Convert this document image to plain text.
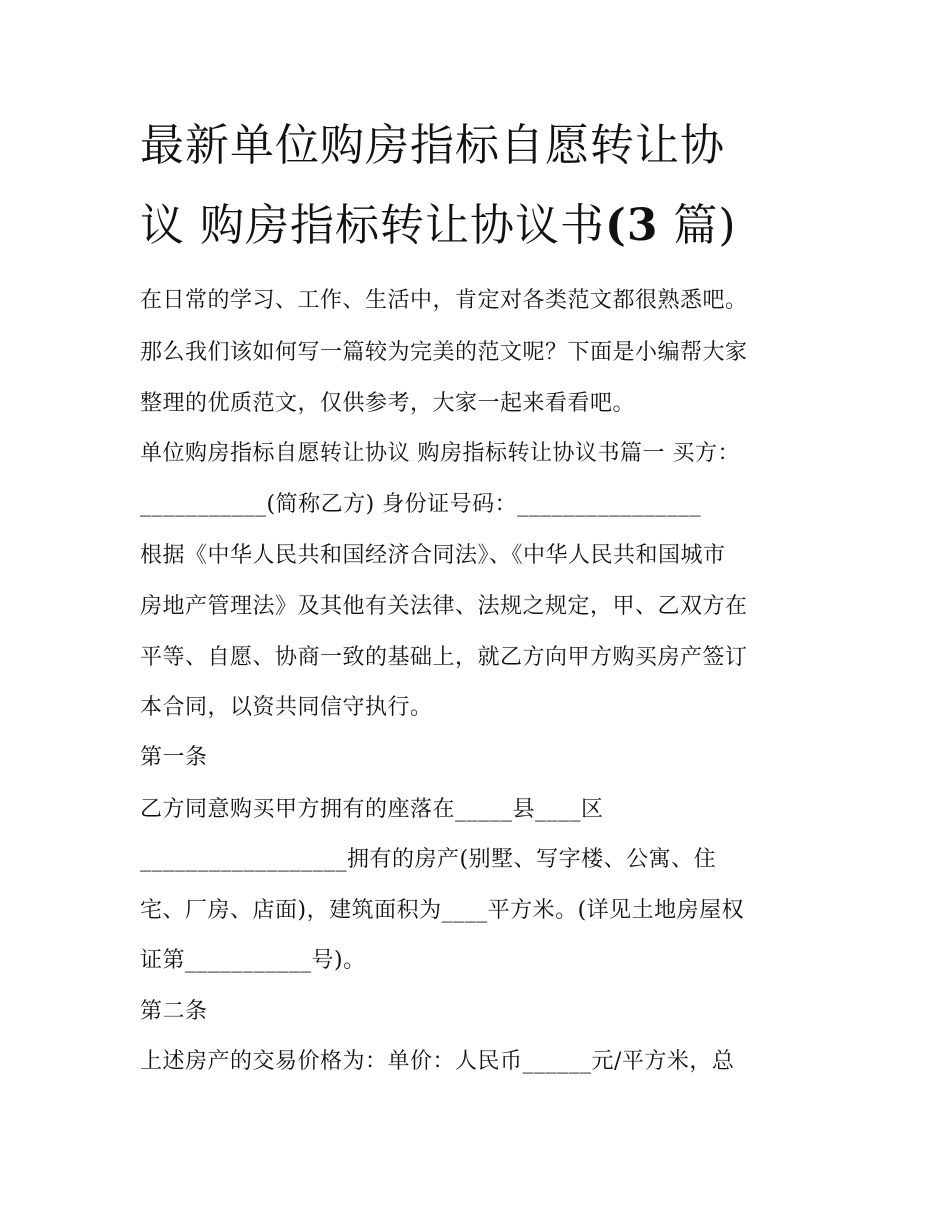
最新单位购房指标自愿转让协
议 购房指标转让协议书(3 篇)

在日常的学习、工作、生活中，肯定对各类范文都很熟悉吧。

那么我们该如何写一篇较为完美的范文呢？下面是小编帮大家

整理的优质范文，仅供参考，大家一起来看看吧。

单位购房指标自愿转让协议 购房指标转让协议书篇一 买方：

___________(简称乙方) 身份证号码：________________

根据《中华人民共和国经济合同法》、《中华人民共和国城市

房地产管理法》及其他有关法律、法规之规定，甲、乙双方在

平等、自愿、协商一致的基础上，就乙方向甲方购买房产签订

本合同，以资共同信守执行。

第一条

乙方同意购买甲方拥有的座落在_____县____区

__________________拥有的房产(别墅、写字楼、公寓、住

宅、厂房、店面)，建筑面积为____平方米。(详见土地房屋权

证第___________号)。

第二条

上述房产的交易价格为：单价：人民币______元/平方米，总
